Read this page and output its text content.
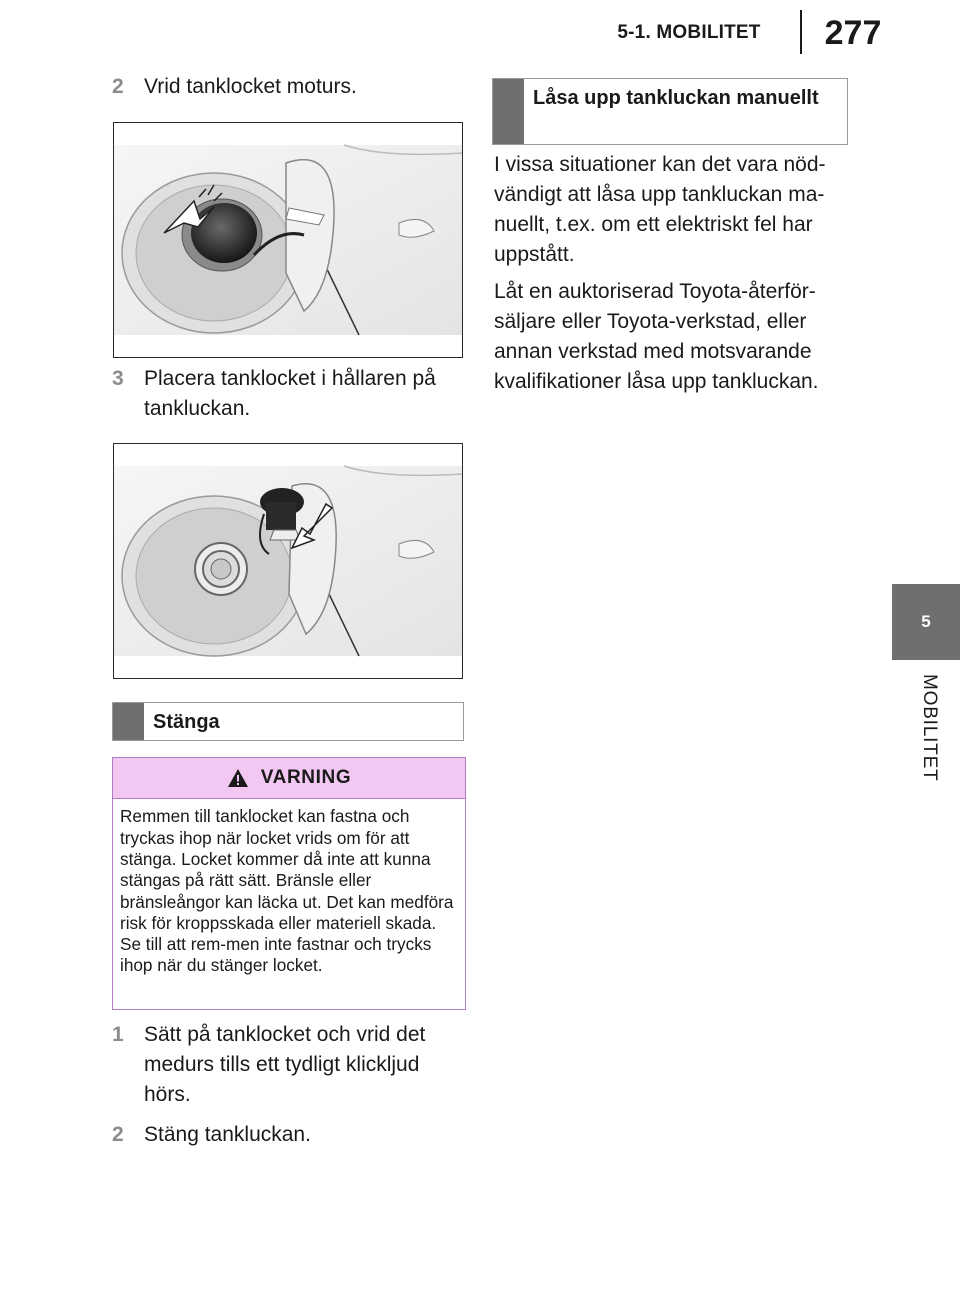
5-1. MOBILITET	277
5
MOBILITET
2 Vrid tanklocket moturs.
3 Placera tanklocket i hållaren på tankluckan.
Stänga
VARNING
Remmen till tanklocket kan fastna och tryckas ihop när locket vrids om för att stänga. Locket kommer då inte att kunna stängas på rätt sätt. Bränsle eller bränsleångor kan läcka ut. Det kan medföra risk för kroppsskada eller materiell skada. Se till att rem-men inte fastnar och trycks ihop när du stänger locket.
1 Sätt på tanklocket och vrid det medurs tills ett tydligt klickljud hörs.
2 Stäng tankluckan.
Låsa upp tankluckan manuellt
I vissa situationer kan det vara nöd-vändigt att låsa upp tankluckan ma-nuellt, t.ex. om ett elektriskt fel har uppstått.
Låt en auktoriserad Toyota-återför-säljare eller Toyota-verkstad, eller annan verkstad med motsvarande kvalifikationer låsa upp tankluckan.
